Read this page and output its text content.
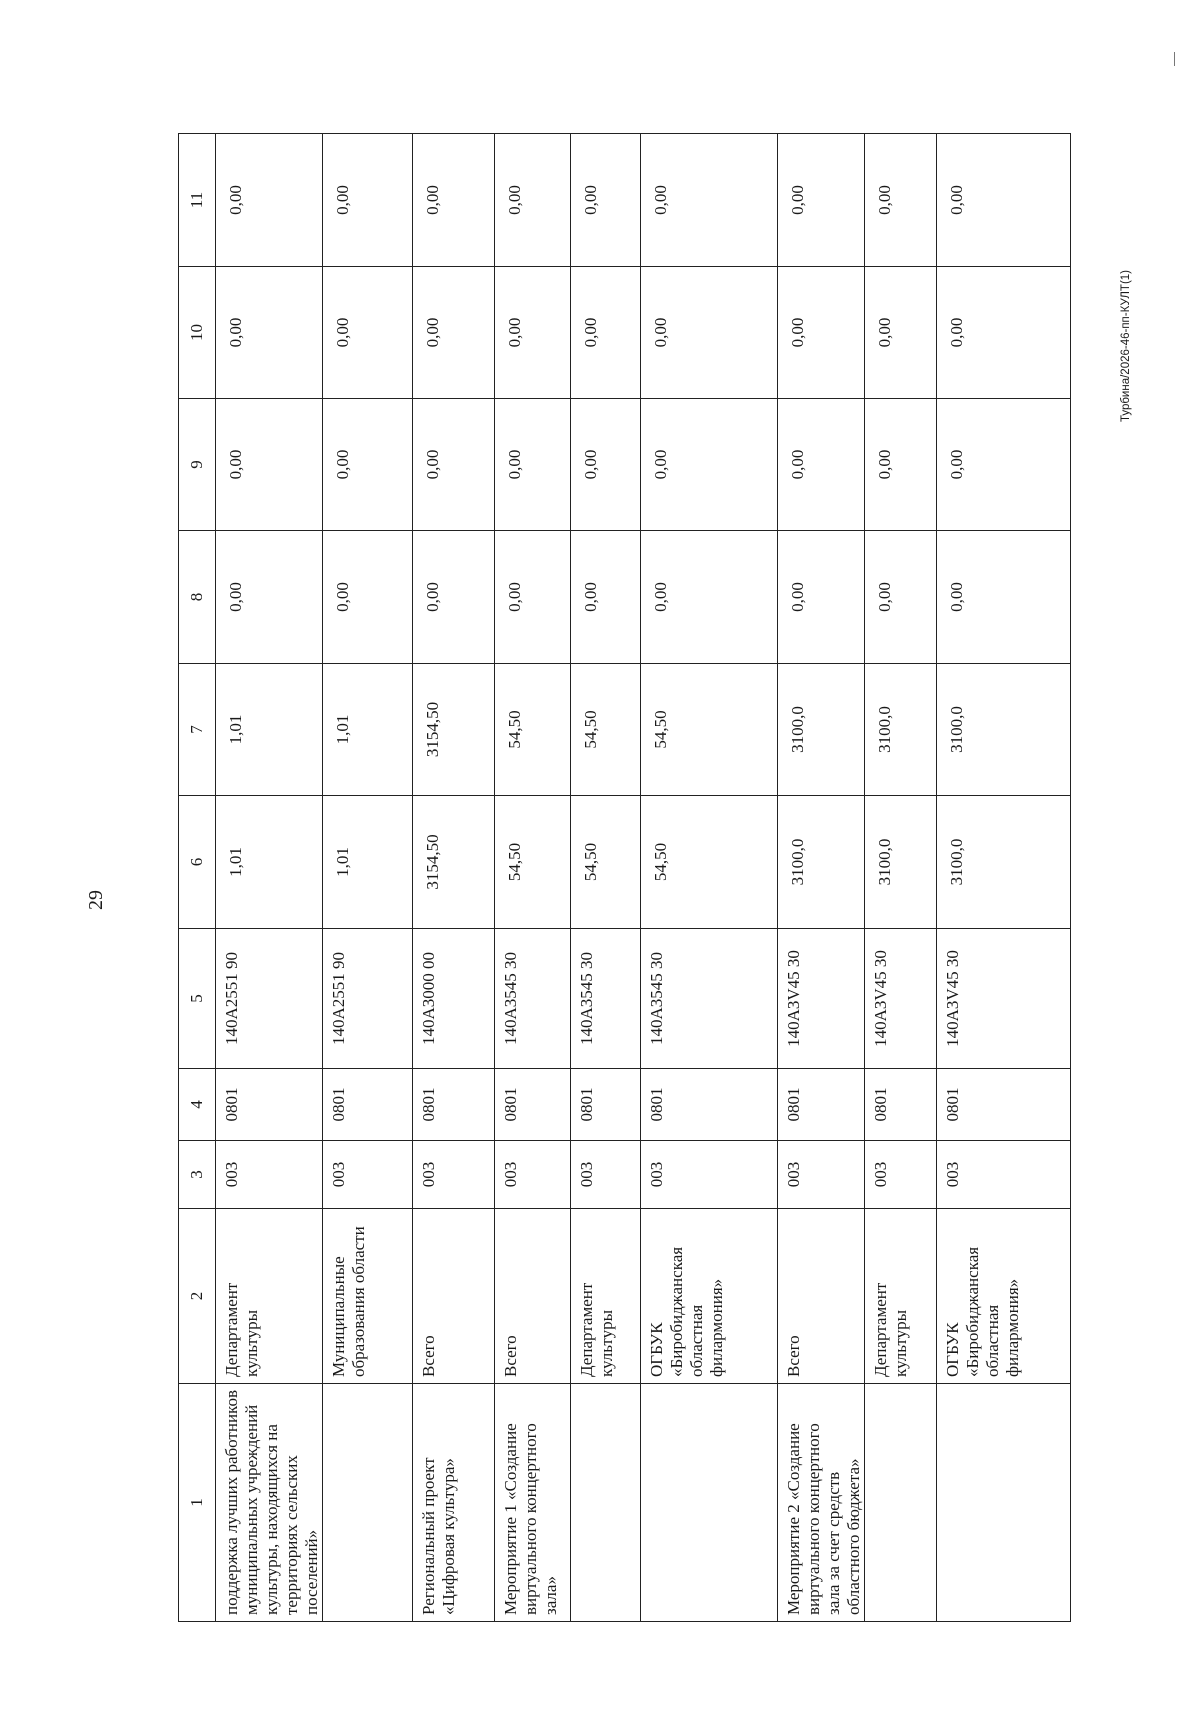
29
Турбина/2026-46-пп-КУЛТ(1)
1	2	3	4	5	6	7	8	9	10	11
поддержка лучших работников муниципальных учреждений культуры, находящихся на территориях сельских поселений»	Департамент культуры	003	0801	140A2551 90	1,01	1,01	0,00	0,00	0,00	0,00
	Муниципальные образования области	003	0801	140A2551 90	1,01	1,01	0,00	0,00	0,00	0,00
Региональный проект «Цифровая культура»	Всего	003	0801	140A3000 00	3154,50	3154,50	0,00	0,00	0,00	0,00
Мероприятие 1 «Создание виртуального концертного зала»	Всего	003	0801	140A3545 30	54,50	54,50	0,00	0,00	0,00	0,00
	Департамент культуры	003	0801	140A3545 30	54,50	54,50	0,00	0,00	0,00	0,00
	ОГБУК «Биробиджанская областная филармония»	003	0801	140A3545 30	54,50	54,50	0,00	0,00	0,00	0,00
Мероприятие 2 «Создание виртуального концертного зала за счет средств областного бюджета»	Всего	003	0801	140A3V45 30	3100,0	3100,0	0,00	0,00	0,00	0,00
	Департамент культуры	003	0801	140A3V45 30	3100,0	3100,0	0,00	0,00	0,00	0,00
	ОГБУК «Биробиджанская областная филармония»	003	0801	140A3V45 30	3100,0	3100,0	0,00	0,00	0,00	0,00
